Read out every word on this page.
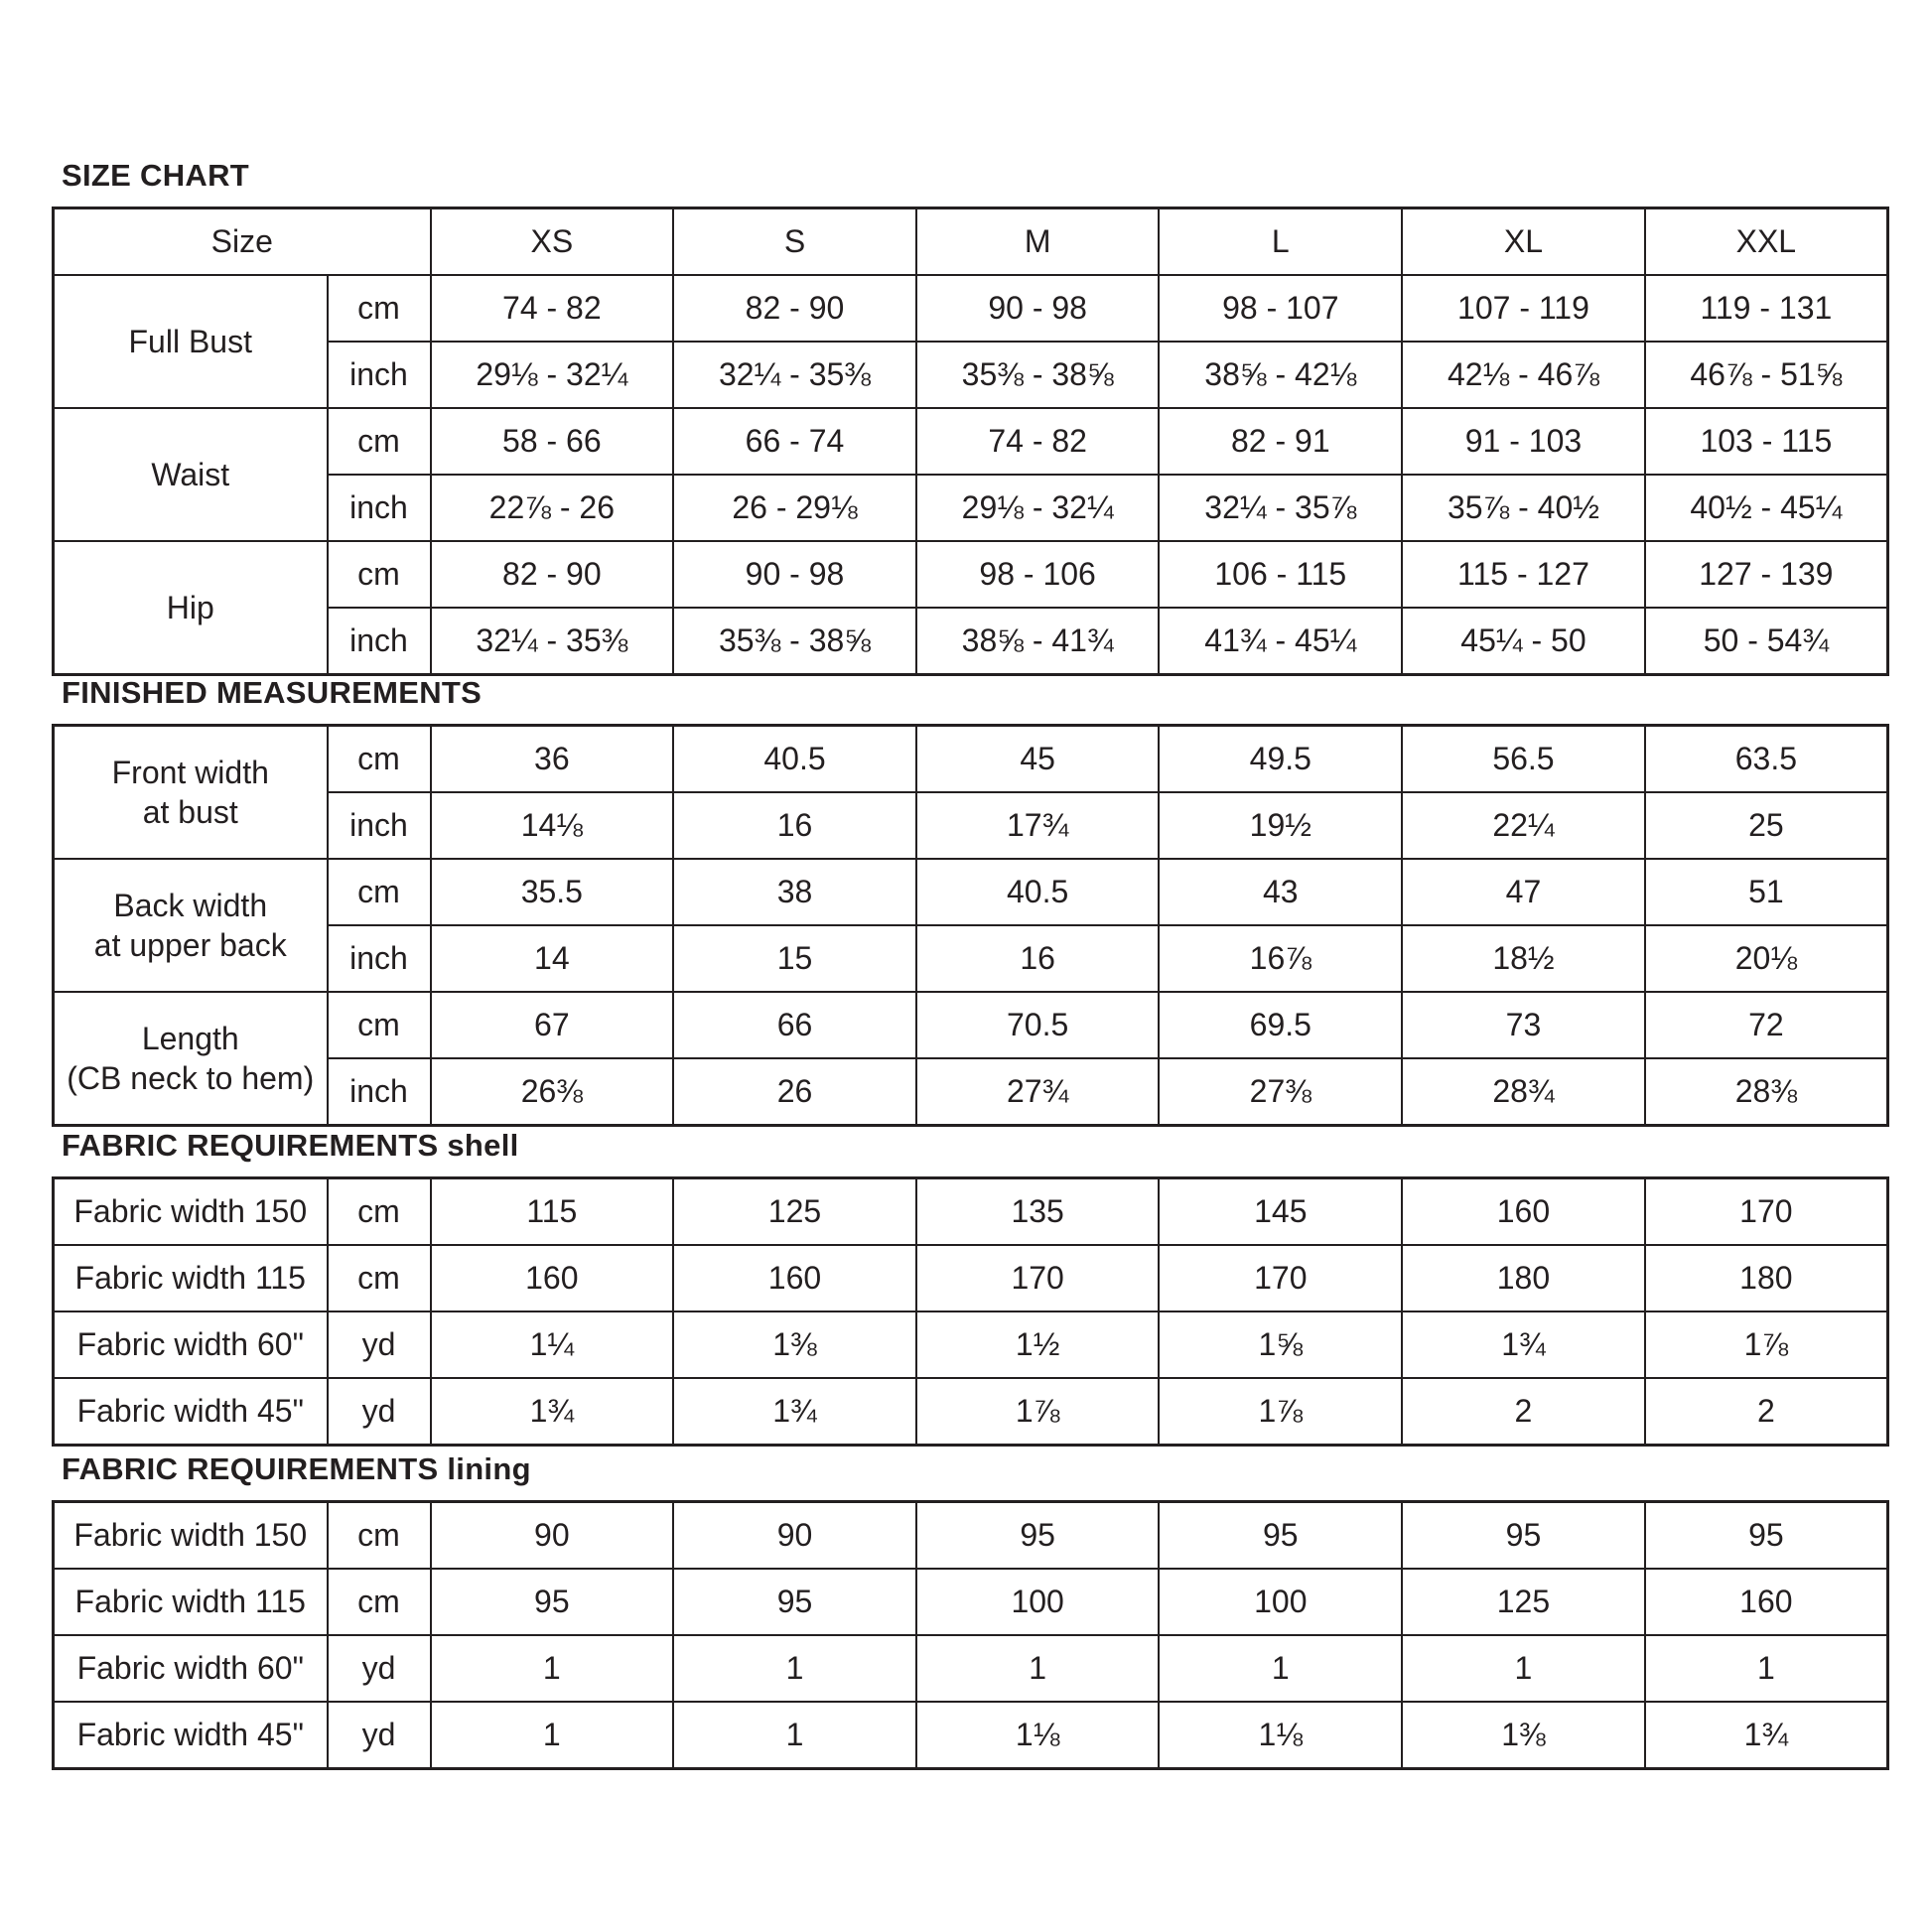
SIZE CHART
Size		XS	S	M	L	XL	XXL
Full Bust	cm	74 - 82	82 - 90	90 - 98	98 - 107	107 - 119	119 - 131
	inch	29⅛ - 32¼	32¼ - 35⅜	35⅜ - 38⅝	38⅝ - 42⅛	42⅛ - 46⅞	46⅞ - 51⅝
Waist	cm	58 - 66	66 - 74	74 - 82	82 - 91	91 - 103	103 - 115
	inch	22⅞ - 26	26 - 29⅛	29⅛ - 32¼	32¼ - 35⅞	35⅞ - 40½	40½ - 45¼
Hip	cm	82 - 90	90 - 98	98 - 106	106 - 115	115 - 127	127 - 139
	inch	32¼ - 35⅜	35⅜ - 38⅝	38⅝ - 41¾	41¾ - 45¼	45¼ - 50	50 - 54¾
FINISHED MEASUREMENTS
Front width
at bust	cm	36	40.5	45	49.5	56.5	63.5
	inch	14⅛	16	17¾	19½	22¼	25

Back width
at upper back	cm	35.5	38	40.5	43	47	51
	inch	14	15	16	16⅞	18½	20⅛

Length
(CB neck to hem)	cm	67	66	70.5	69.5	73	72
	inch	26⅜	26	27¾	27⅜	28¾	28⅜
FABRIC REQUIREMENTS shell
Fabric width 150	cm	115	125	135	145	160	170
Fabric width 115	cm	160	160	170	170	180	180
Fabric width 60"	yd	1¼	1⅜	1½	1⅝	1¾	1⅞
Fabric width 45"	yd	1¾	1¾	1⅞	1⅞	2	2
FABRIC REQUIREMENTS lining
Fabric width 150	cm	90	90	95	95	95	95
Fabric width 115	cm	95	95	100	100	125	160
Fabric width 60"	yd	1	1	1	1	1	1
Fabric width 45"	yd	1	1	1⅛	1⅛	1⅜	1¾
